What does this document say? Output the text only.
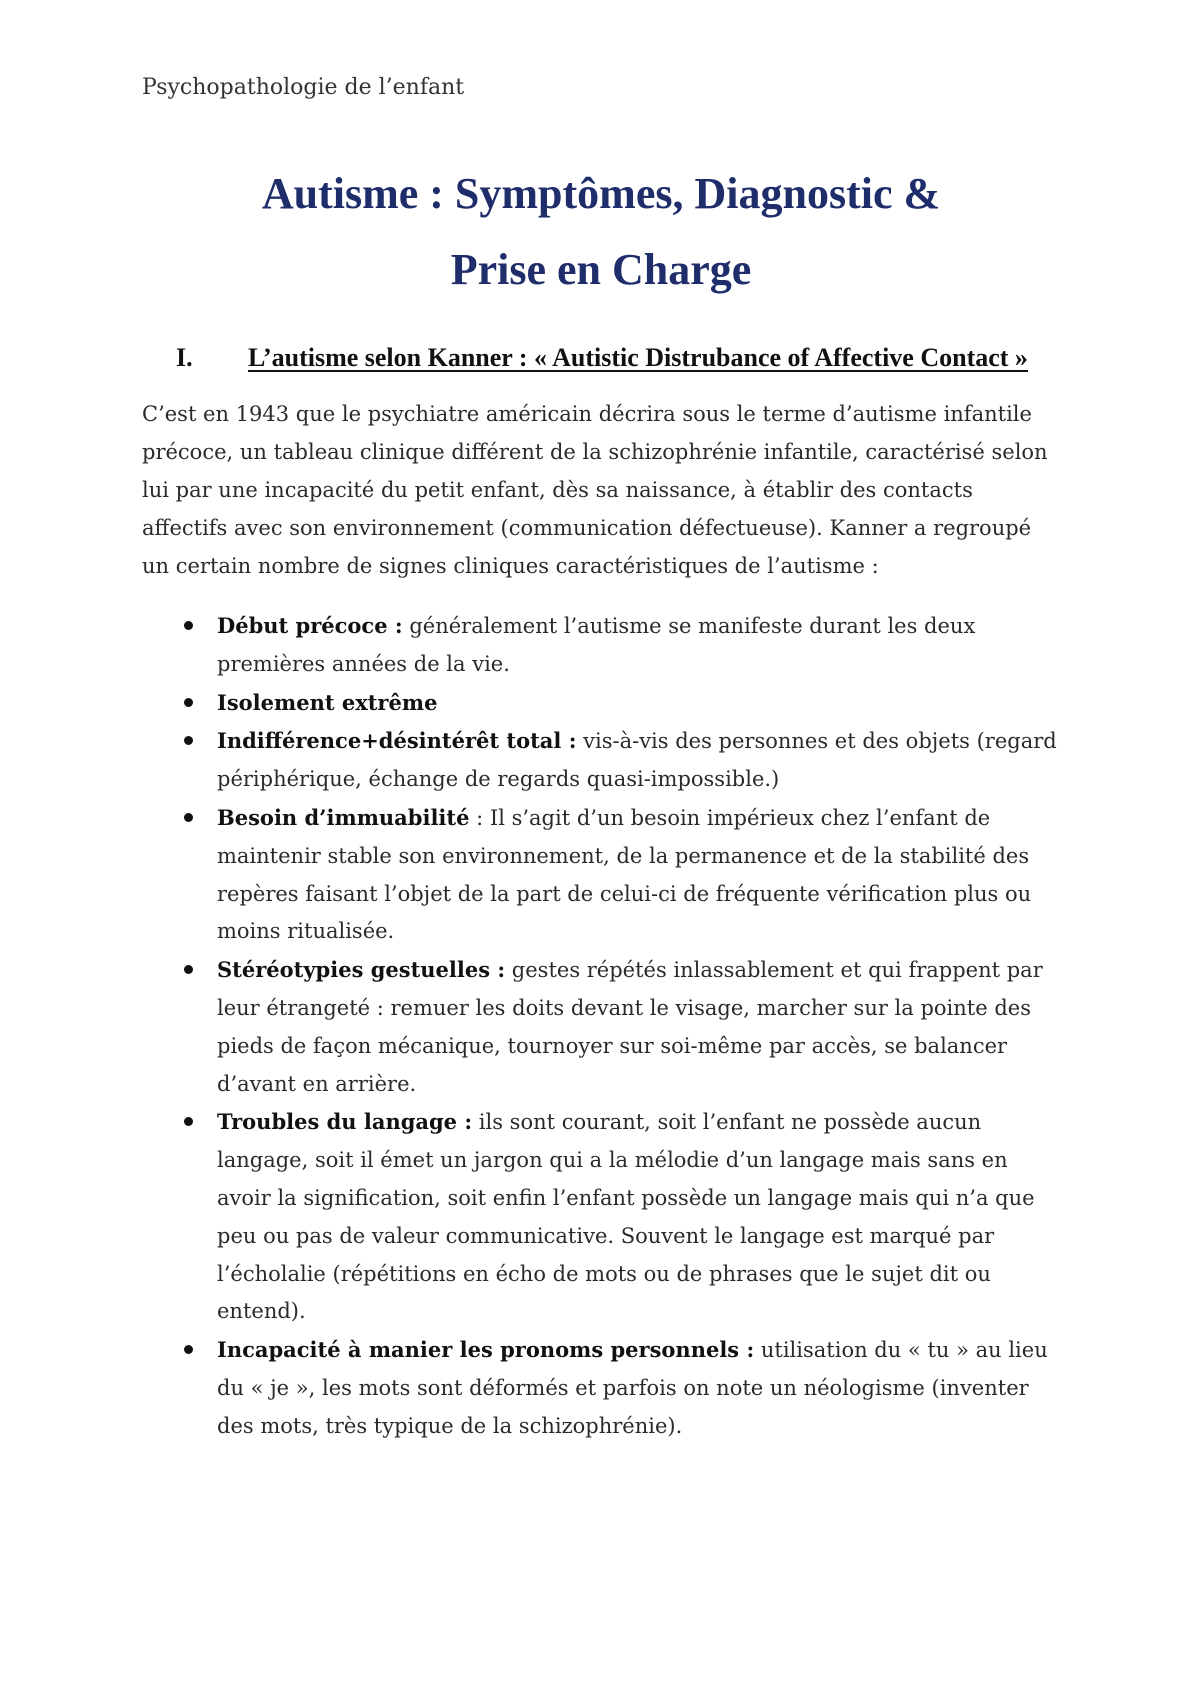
Psychopathologie de l’enfant

Autisme : Symptômes, Diagnostic &
Prise en Charge
I.	L’autisme selon Kanner : « Autistic Distrubance of Affective Contact »

C’est en 1943 que le psychiatre américain décrira sous le terme d’autisme infantile précoce, un tableau clinique différent de la schizophrénie infantile, caractérisé selon lui par une incapacité du petit enfant, dès sa naissance, à établir des contacts affectifs avec son environnement (communication défectueuse). Kanner a regroupé un certain nombre de signes cliniques caractéristiques de l’autisme :

Début précoce : généralement l’autisme se manifeste durant les deux premières années de la vie.
Isolement extrême
Indifférence+désintérêt total : vis-à-vis des personnes et des objets (regard périphérique, échange de regards quasi-impossible.)
Besoin d’immuabilité : Il s’agit d’un besoin impérieux chez l’enfant de maintenir stable son environnement, de la permanence et de la stabilité des repères faisant l’objet de la part de celui-ci de fréquente vérification plus ou moins ritualisée.
Stéréotypies gestuelles : gestes répétés inlassablement et qui frappent par leur étrangeté : remuer les doits devant le visage, marcher sur la pointe des pieds de façon mécanique, tournoyer sur soi-même par accès, se balancer d’avant en arrière.
Troubles du langage : ils sont courant, soit l’enfant ne possède aucun langage, soit il émet un jargon qui a la mélodie d’un langage mais sans en avoir la signification, soit enfin l’enfant possède un langage mais qui n’a que peu ou pas de valeur communicative. Souvent le langage est marqué par l’écholalie (répétitions en écho de mots ou de phrases que le sujet dit ou entend).
Incapacité à manier les pronoms personnels : utilisation du « tu » au lieu du « je », les mots sont déformés et parfois on note un néologisme (inventer des mots, très typique de la schizophrénie).
